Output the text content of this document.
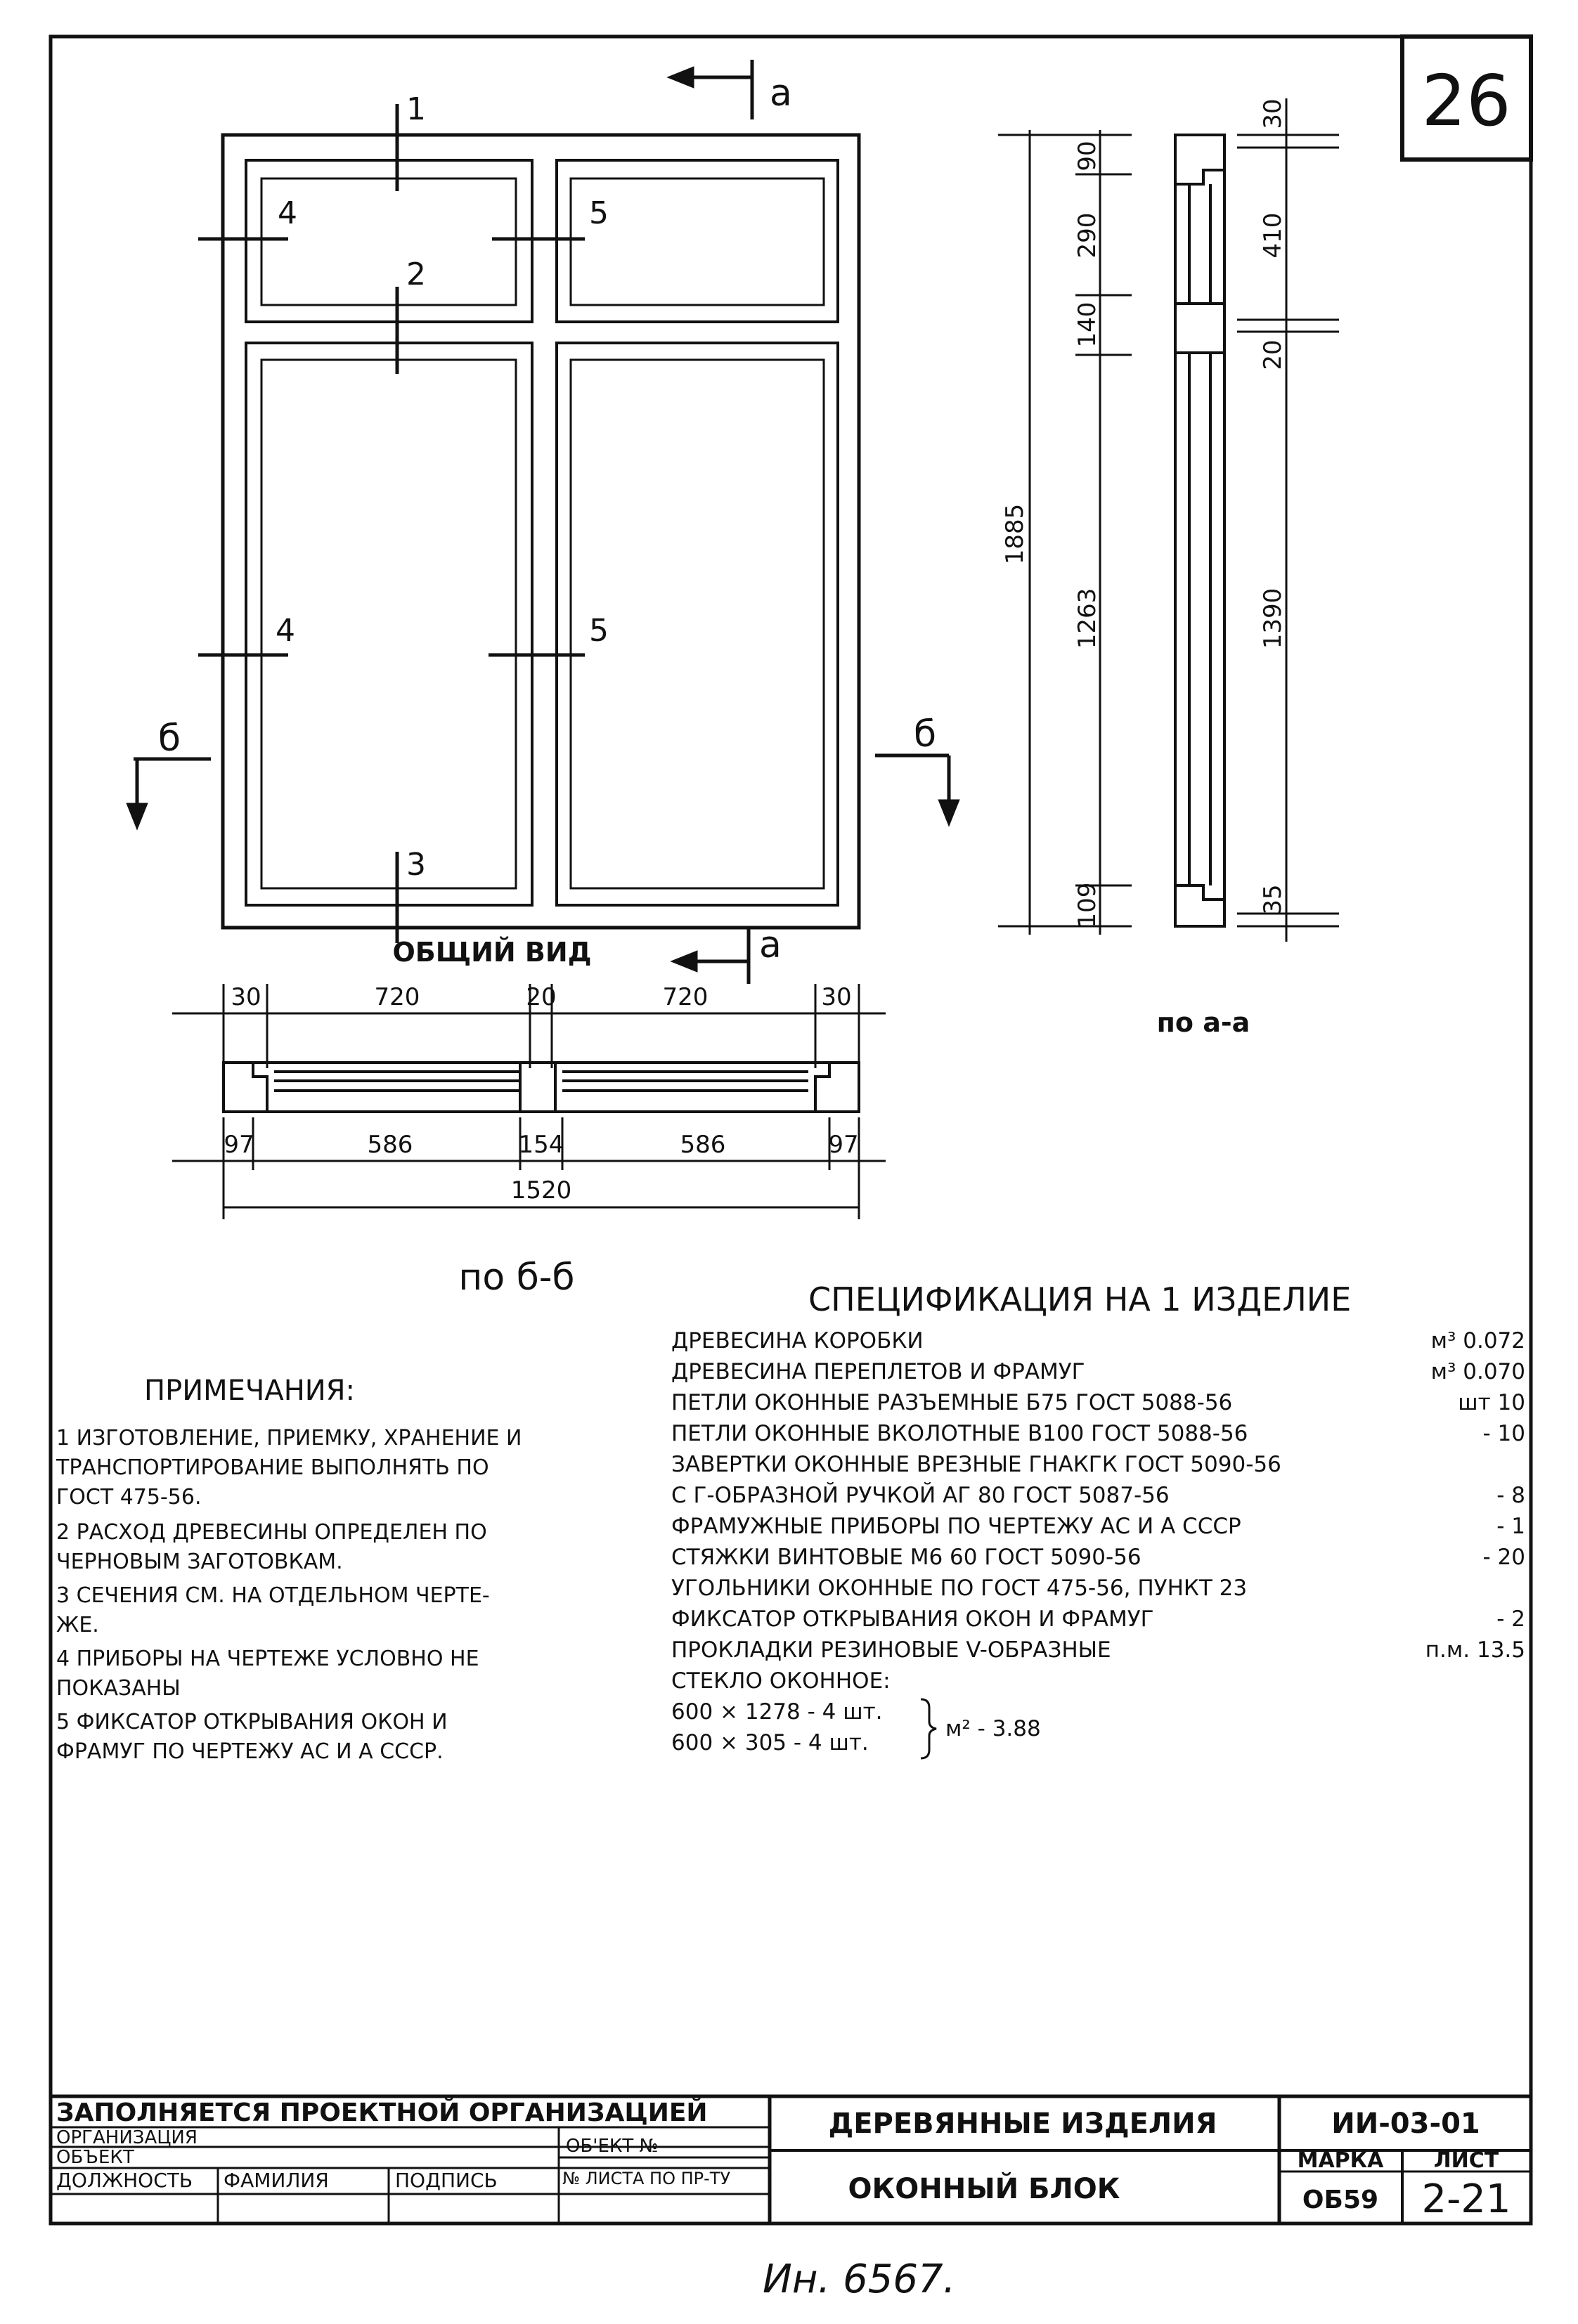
26
1
2
3
4	5
4	5
а
а
б	б
ОБЩИЙ ВИД
30	720	20	720	30
97	586	154	586	97
1520
по б-б
90
290
140
1263
109
1885
30
410
20
1390
35
по а-а
СПЕЦИФИКАЦИЯ НА 1 ИЗДЕЛИЕ
ДРЕВЕСИНА КОРОБКИ	м³ 0.072
ДРЕВЕСИНА ПЕРЕПЛЕТОВ И ФРАМУГ	м³ 0.070
ПЕТЛИ ОКОННЫЕ РАЗЪЕМНЫЕ Б75 ГОСТ 5088-56	шт 10
ПЕТЛИ ОКОННЫЕ ВКОЛОТНЫЕ В100 ГОСТ 5088-56	- 10
ЗАВЕРТКИ ОКОННЫЕ ВРЕЗНЫЕ ГНАКГК ГОСТ 5090-56
С Г-ОБРАЗНОЙ РУЧКОЙ АГ 80 ГОСТ 5087-56	- 8
ФРАМУЖНЫЕ ПРИБОРЫ ПО ЧЕРТЕЖУ АС И А СССР	- 1
СТЯЖКИ ВИНТОВЫЕ М6 60 ГОСТ 5090-56	- 20
УГОЛЬНИКИ ОКОННЫЕ ПО ГОСТ 475-56, ПУНКТ 23
ФИКСАТОР ОТКРЫВАНИЯ ОКОН И ФРАМУГ	- 2
ПРОКЛАДКИ РЕЗИНОВЫЕ V-ОБРАЗНЫЕ	п.м. 13.5
СТЕКЛО ОКОННОЕ:
600 × 1278 - 4 шт.
600 × 305 - 4 шт.
м² - 3.88
ПРИМЕЧАНИЯ:
1 ИЗГОТОВЛЕНИЕ, ПРИЕМКУ, ХРАНЕНИЕ И
ТРАНСПОРТИРОВАНИЕ ВЫПОЛНЯТЬ ПО
ГОСТ 475-56.
2 РАСХОД ДРЕВЕСИНЫ ОПРЕДЕЛЕН ПО
ЧЕРНОВЫМ ЗАГОТОВКАМ.
3 СЕЧЕНИЯ СМ. НА ОТДЕЛЬНОМ ЧЕРТЕ-
ЖЕ.
4 ПРИБОРЫ НА ЧЕРТЕЖЕ УСЛОВНО НЕ
ПОКАЗАНЫ
5 ФИКСАТОР ОТКРЫВАНИЯ ОКОН И
ФРАМУГ ПО ЧЕРТЕЖУ АС И А СССР.
ЗАПОЛНЯЕТСЯ ПРОЕКТНОЙ ОРГАНИЗАЦИЕЙ
ОРГАНИЗАЦИЯ
ОБЪЕКТ
ДОЛЖНОСТЬ ФАМИЛИЯ	ПОДПИСЬ
ОБ'ЕКТ №
№ ЛИСТА ПО ПР-ТУ
ДЕРЕВЯННЫЕ ИЗДЕЛИЯ
ОКОННЫЙ БЛОК
ИИ-03-01
МАРКА
ОБ59
ЛИСТ
2-21
Ин. 6567.
